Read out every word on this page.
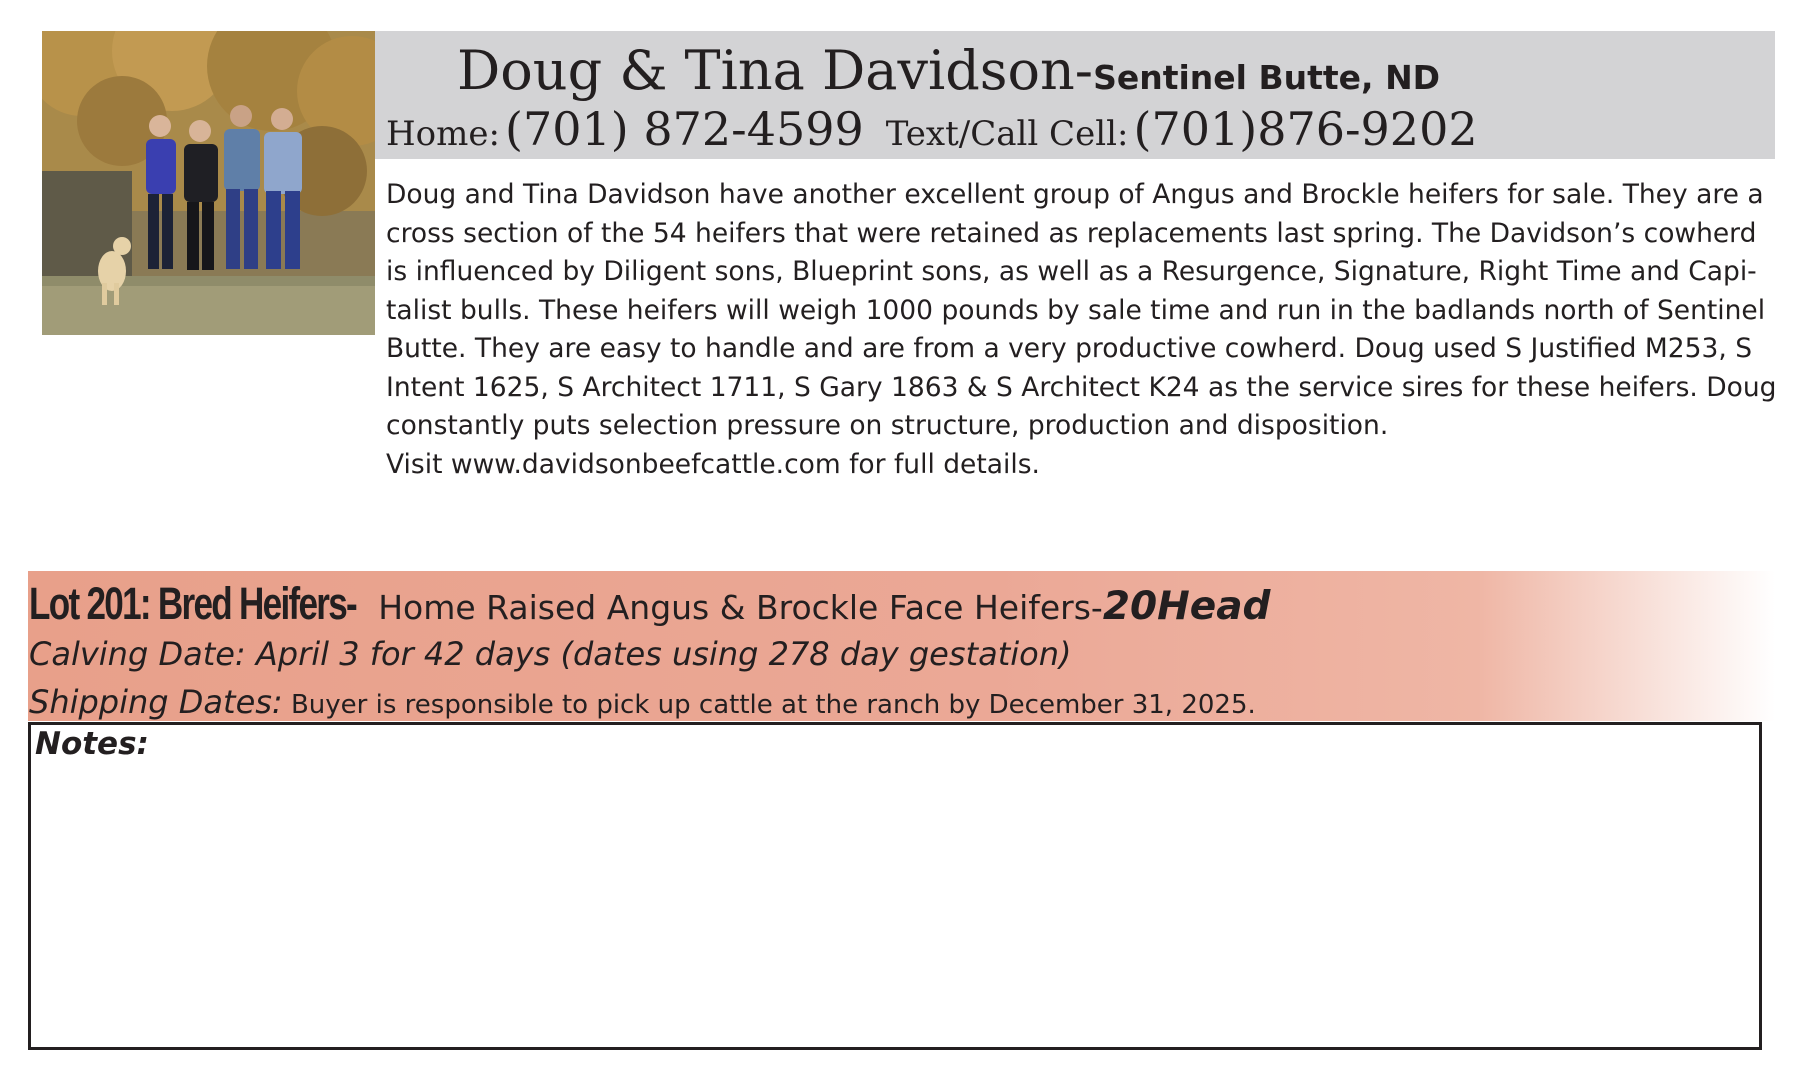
Doug & Tina Davidson-Sentinel Butte, ND
Home: (701) 872-4599 Text/Call Cell: (701)876-9202

Doug and Tina Davidson have another excellent group of Angus and Brockle heifers for sale. They are a

cross section of the 54 heifers that were retained as replacements last spring. The Davidson’s cowherd

is influenced by Diligent sons, Blueprint sons, as well as a Resurgence, Signature, Right Time and Capi-

talist bulls. These heifers will weigh 1000 pounds by sale time and run in the badlands north of Sentinel

Butte. They are easy to handle and are from a very productive cowherd. Doug used S Justified M253, S

Intent 1625, S Architect 1711, S Gary 1863 & S Architect K24 as the service sires for these heifers. Doug

constantly puts selection pressure on structure, production and disposition.

Visit www.davidsonbeefcattle.com for full details.

Lot 201: Bred Heifers- Home Raised Angus & Brockle Face Heifers-20Head
Calving Date: April 3 for 42 days (dates using 278 day gestation)
Shipping Dates: Buyer is responsible to pick up cattle at the ranch by December 31, 2025.
Notes:
